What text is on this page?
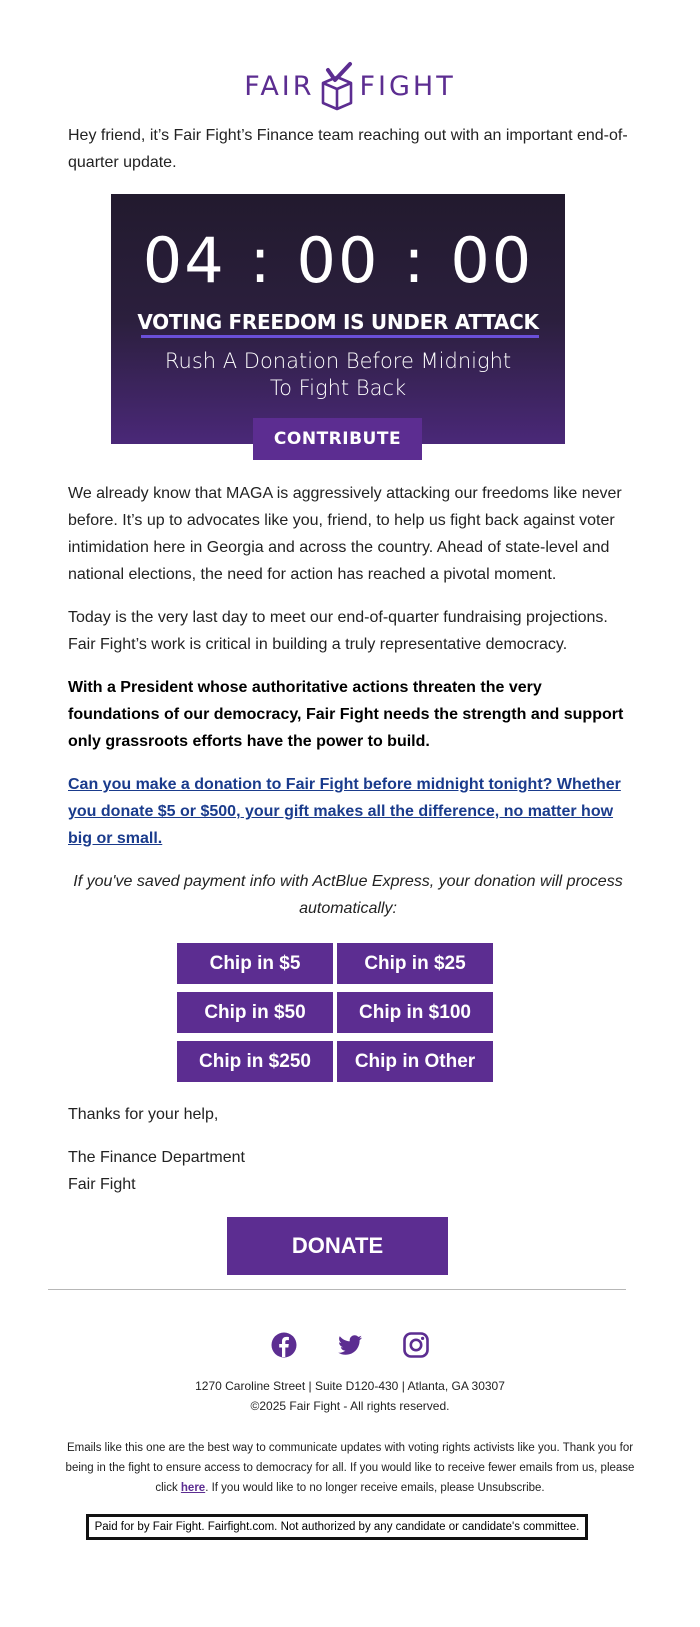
FAIR FIGHT

Hey friend, it’s Fair Fight’s Finance team reaching out with an important end-of-quarter update.

04 : 00 : 00
VOTING FREEDOM IS UNDER ATTACK
Rush A Donation Before Midnight
To Fight Back
CONTRIBUTE

We already know that MAGA is aggressively attacking our freedoms like never before. It’s up to advocates like you, friend, to help us fight back against voter intimidation here in Georgia and across the country. Ahead of state-level and national elections, the need for action has reached a pivotal moment.

Today is the very last day to meet our end-of-quarter fundraising projections. Fair Fight’s work is critical in building a truly representative democracy.

With a President whose authoritative actions threaten the very foundations of our democracy, Fair Fight needs the strength and support only grassroots efforts have the power to build.

Can you make a donation to Fair Fight before midnight tonight? Whether you donate $5 or $500, your gift makes all the difference, no matter how big or small.

If you've saved payment info with ActBlue Express, your donation will process automatically:

Chip in $5	Chip in $25
Chip in $50	Chip in $100
Chip in $250	Chip in Other

Thanks for your help,

The Finance Department
Fair Fight
DONATE
1270 Caroline Street | Suite D120-430 | Atlanta, GA 30307
©2025 Fair Fight - All rights reserved.
Emails like this one are the best way to communicate updates with voting rights activists like you. Thank you for being in the fight to ensure access to democracy for all. If you would like to receive fewer emails from us, please click here. If you would like to no longer receive emails, please Unsubscribe.
Paid for by Fair Fight. Fairfight.com. Not authorized by any candidate or candidate's committee.
